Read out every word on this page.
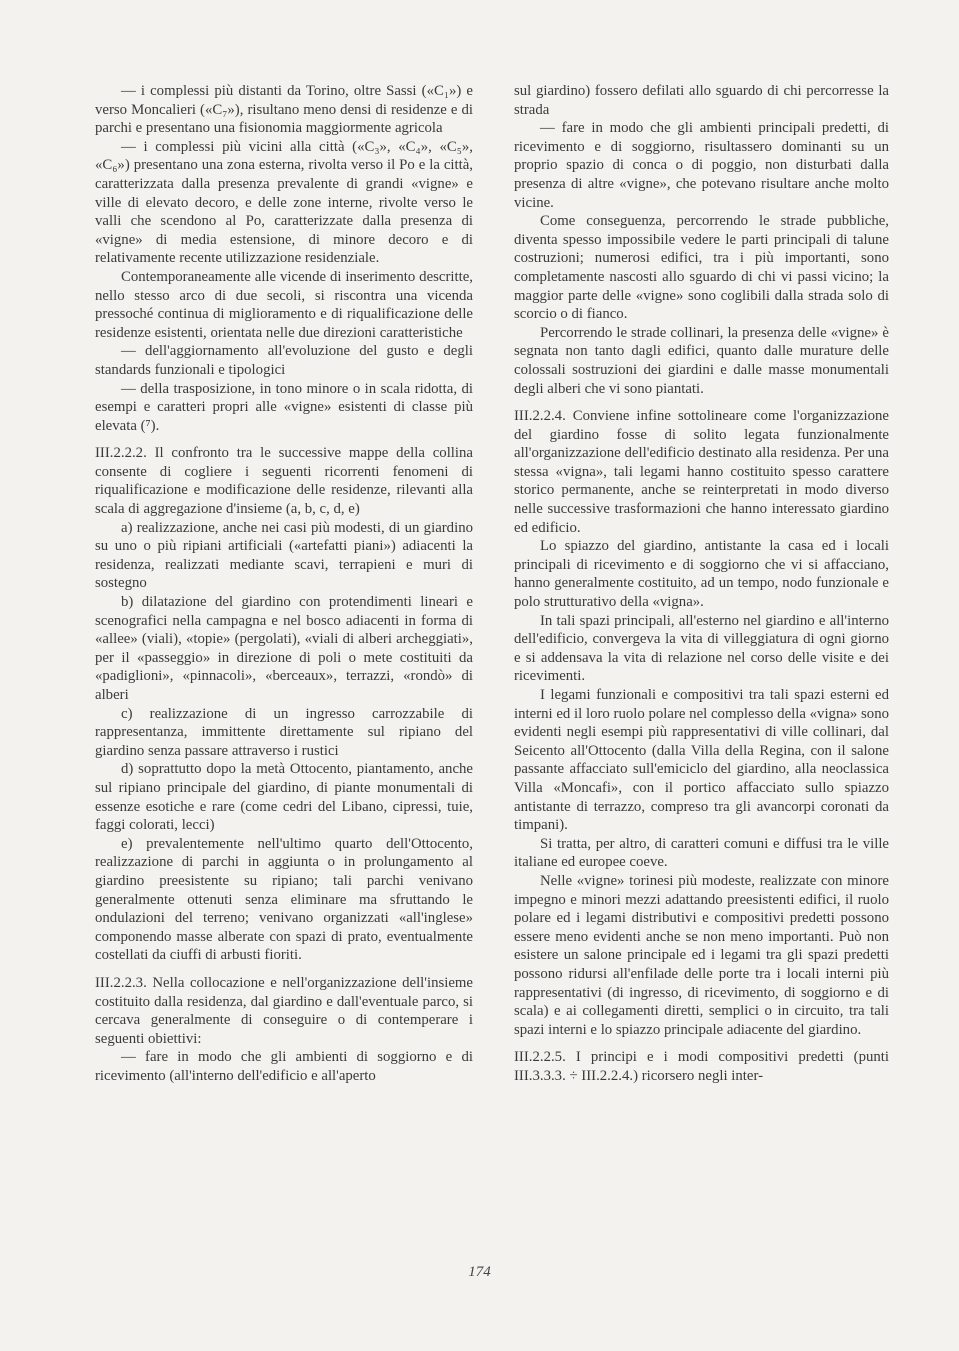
— i complessi più distanti da Torino, oltre Sassi («C₁») e verso Moncalieri («C₇»), risultano meno densi di residenze e di parchi e presentano una fisionomia maggiormente agricola

— i complessi più vicini alla città («C₃», «C₄», «C₅», «C₆») presentano una zona esterna, rivolta verso il Po e la città, caratterizzata dalla presenza prevalente di grandi «vigne» e ville di elevato decoro, e delle zone interne, rivolte verso le valli che scendono al Po, caratterizzate dalla presenza di «vigne» di media estensione, di minore decoro e di relativamente recente utilizzazione residenziale.

Contemporaneamente alle vicende di inserimento descritte, nello stesso arco di due secoli, si riscontra una vicenda pressoché continua di miglioramento e di riqualificazione delle residenze esistenti, orientata nelle due direzioni caratteristiche

— dell'aggiornamento all'evoluzione del gusto e degli standards funzionali e tipologici

— della trasposizione, in tono minore o in scala ridotta, di esempi e caratteri propri alle «vigne» esistenti di classe più elevata (⁷).

III.2.2.2. Il confronto tra le successive mappe della collina consente di cogliere i seguenti ricorrenti fenomeni di riqualificazione e modificazione delle residenze, rilevanti alla scala di aggregazione d'insieme (a, b, c, d, e)

a) realizzazione, anche nei casi più modesti, di un giardino su uno o più ripiani artificiali («artefatti piani») adiacenti la residenza, realizzati mediante scavi, terrapieni e muri di sostegno

b) dilatazione del giardino con protendimenti lineari e scenografici nella campagna e nel bosco adiacenti in forma di «allee» (viali), «topie» (pergolati), «viali di alberi archeggiati», per il «passeggio» in direzione di poli o mete costituiti da «padiglioni», «pinnacoli», «berceaux», terrazzi, «rondò» di alberi

c) realizzazione di un ingresso carrozzabile di rappresentanza, immittente direttamente sul ripiano del giardino senza passare attraverso i rustici

d) soprattutto dopo la metà Ottocento, piantamento, anche sul ripiano principale del giardino, di piante monumentali di essenze esotiche e rare (come cedri del Libano, cipressi, tuie, faggi colorati, lecci)

e) prevalentemente nell'ultimo quarto dell'Ottocento, realizzazione di parchi in aggiunta o in prolungamento al giardino preesistente su ripiano; tali parchi venivano generalmente ottenuti senza eliminare ma sfruttando le ondulazioni del terreno; venivano organizzati «all'inglese» componendo masse alberate con spazi di prato, eventualmente costellati da ciuffi di arbusti fioriti.

III.2.2.3. Nella collocazione e nell'organizzazione dell'insieme costituito dalla residenza, dal giardino e dall'eventuale parco, si cercava generalmente di conseguire o di contemperare i seguenti obiettivi:

— fare in modo che gli ambienti di soggiorno e di ricevimento (all'interno dell'edificio e all'aperto

sul giardino) fossero defilati allo sguardo di chi percorresse la strada

— fare in modo che gli ambienti principali predetti, di ricevimento e di soggiorno, risultassero dominanti su un proprio spazio di conca o di poggio, non disturbati dalla presenza di altre «vigne», che potevano risultare anche molto vicine.

Come conseguenza, percorrendo le strade pubbliche, diventa spesso impossibile vedere le parti principali di talune costruzioni; numerosi edifici, tra i più importanti, sono completamente nascosti allo sguardo di chi vi passi vicino; la maggior parte delle «vigne» sono coglibili dalla strada solo di scorcio o di fianco.

Percorrendo le strade collinari, la presenza delle «vigne» è segnata non tanto dagli edifici, quanto dalle murature delle colossali sostruzioni dei giardini e dalle masse monumentali degli alberi che vi sono piantati.

III.2.2.4. Conviene infine sottolineare come l'organizzazione del giardino fosse di solito legata funzionalmente all'organizzazione dell'edificio destinato alla residenza. Per una stessa «vigna», tali legami hanno costituito spesso carattere storico permanente, anche se reinterpretati in modo diverso nelle successive trasformazioni che hanno interessato giardino ed edificio.

Lo spiazzo del giardino, antistante la casa ed i locali principali di ricevimento e di soggiorno che vi si affacciano, hanno generalmente costituito, ad un tempo, nodo funzionale e polo strutturativo della «vigna».

In tali spazi principali, all'esterno nel giardino e all'interno dell'edificio, convergeva la vita di villeggiatura di ogni giorno e si addensava la vita di relazione nel corso delle visite e dei ricevimenti.

I legami funzionali e compositivi tra tali spazi esterni ed interni ed il loro ruolo polare nel complesso della «vigna» sono evidenti negli esempi più rappresentativi di ville collinari, dal Seicento all'Ottocento (dalla Villa della Regina, con il salone passante affacciato sull'emiciclo del giardino, alla neoclassica Villa «Moncafi», con il portico affacciato sullo spiazzo antistante di terrazzo, compreso tra gli avancorpi coronati da timpani).

Si tratta, per altro, di caratteri comuni e diffusi tra le ville italiane ed europee coeve.

Nelle «vigne» torinesi più modeste, realizzate con minore impegno e minori mezzi adattando preesistenti edifici, il ruolo polare ed i legami distributivi e compositivi predetti possono essere meno evidenti anche se non meno importanti. Può non esistere un salone principale ed i legami tra gli spazi predetti possono ridursi all'enfilade delle porte tra i locali interni più rappresentativi (di ingresso, di ricevimento, di soggiorno e di scala) e ai collegamenti diretti, semplici o in circuito, tra tali spazi interni e lo spiazzo principale adiacente del giardino.

III.2.2.5. I principi e i modi compositivi predetti (punti III.3.3.3. ÷ III.2.2.4.) ricorsero negli inter-

174
